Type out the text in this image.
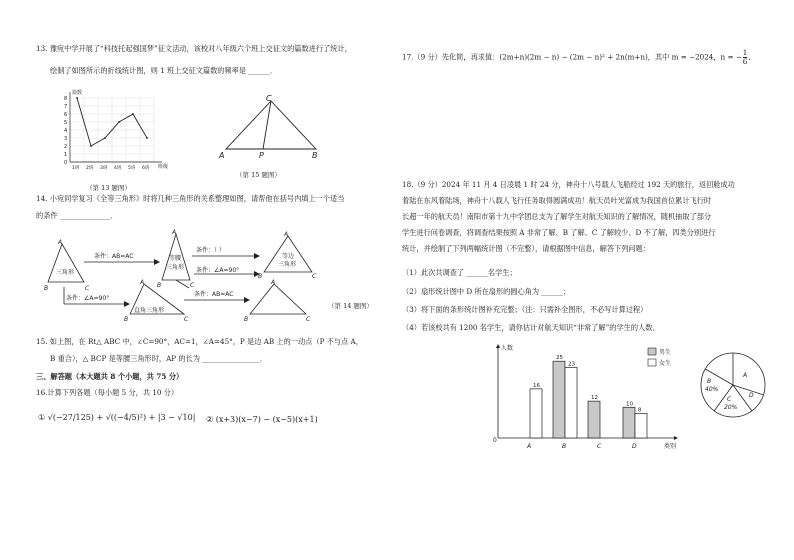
13. 豫宛中学开展了“科技托起强国梦”征文活动，该校对八年级六个班上交征文的篇数进行了统计，
绘制了如图所示的折线统计图，则 1 班上交征文篇数的频率是 ______．
0
1
2
3
4
5
6
7
8
篇数
班级
1班 2班 3班 4班 5班 6班
（第 13 题图）
C
A	P	B
（第 15 题图）
14. 小宛同学复习《全等三角形》时将几种三角形的关系整理如图，请帮他在括号内填上一个适当
的条件 ______________．
三角形
A
B	C
条件：AB=AC	等腰
三角形
A
B	C
条件：（ ）
等边
三角形
A
B	C
条件：∠A=90°
条件：∠A=90°
直角三角形
A
B	C
条件：AB=AC
A
B	C
（第 14 题图）
15. 如上图，在 Rt△ ABC 中，∠C=90°，AC=1，∠A=45°，P 是边 AB 上的一动点（P 不与点 A，
B 重合），△ BCP 是等腰三角形时，AP 的长为 ________________．
三、解答题（本大题共 8 个小题，共 75 分）
16.计算下列各题（每小题 5 分，共 10 分）
① √(−27/125) + √((−4/5)²) + |3 − √10| ② (x+3)(x−7) − (x−5)(x+1)
17.（9 分）先化简，再求值：(2m+n)(2m − n) − (2m − n)² + 2n(m+n)，其中 m = −2024，n = − $\frac{1}{6}$ ．
18.（9 分）2024 年 11 月 4 日凌晨 1 时 24 分，神舟十八号载人飞船经过 192 天的旅行，返回舱成功
着陆在东风着陆场，神舟十八载人飞行任务取得圆满成功！航天员叶光富成为我国首位累计飞行时
长超一年的航天员！南阳市第十九中学团总支为了解学生对航天知识的了解情况，随机抽取了部分
学生进行问卷调查，将调查结果按照 A 非常了解、B 了解、C 了解较少、D 不了解，四类分别进行
统计，并绘制了下列两幅统计图（不完整），请根据图中信息，解答下列问题：
（1）此次共调查了 ______名学生；
（2）扇形统计图中 D 所在扇形的圆心角为 ______；
（3）将下面的条形统计图补充完整；（注：只需补全图形，不必写计算过程）
（4）若该校共有 1200 名学生，请你估计对航天知识“非常了解”的学生的人数．
人数
类别
0
A
16
B
25
23
C
12
D
10
8
男生
女生
A
B
40%
C
20%
D
